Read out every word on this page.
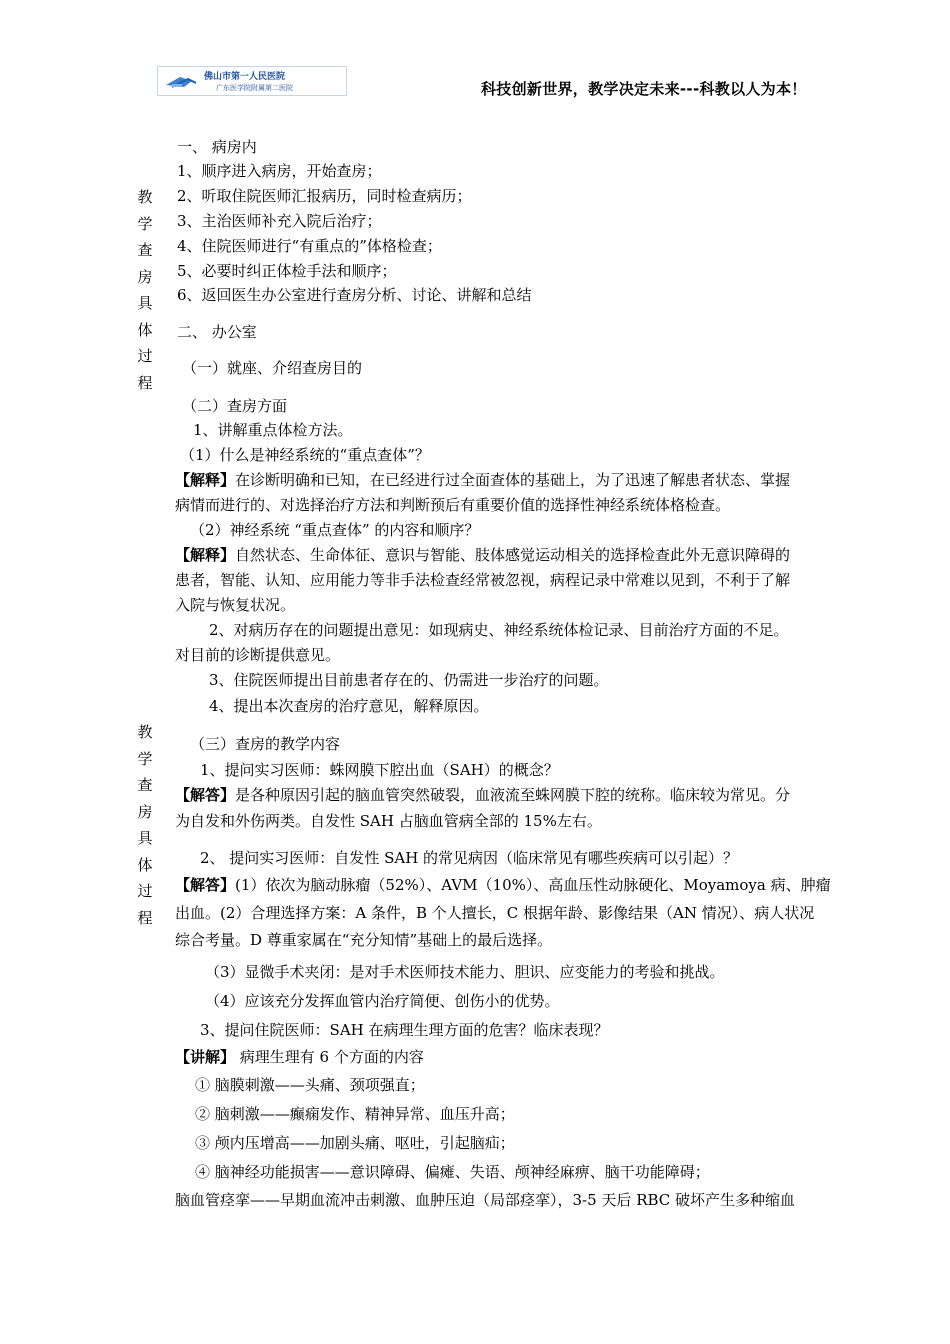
佛山市第一人民医院
广东医学院附属第二医院	科技创新世界，教学决定未来---科教以人为本！
教
学
查
房
具
体
过
程
教
学
查
房
具
体
过
程
一、 病房内
1、顺序进入病房，开始查房；
2、听取住院医师汇报病历，同时检查病历；
3、主治医师补充入院后治疗；
4、住院医师进行“有重点的”体格检查；
5、必要时纠正体检手法和顺序；
6、返回医生办公室进行查房分析、讨论、讲解和总结
二、 办公室
（一）就座、介绍查房目的
（二）查房方面
1、讲解重点体检方法。
（1）什么是神经系统的“重点查体”？
【解释】在诊断明确和已知，在已经进行过全面查体的基础上，为了迅速了解患者状态、掌握
病情而进行的、对选择治疗方法和判断预后有重要价值的选择性神经系统体格检查。
（2）神经系统 “重点查体” 的内容和顺序？
【解释】自然状态、生命体征、意识与智能、肢体感觉运动相关的选择检查此外无意识障碍的
患者，智能、认知、应用能力等非手法检查经常被忽视，病程记录中常难以见到，不利于了解
入院与恢复状况。
2、对病历存在的问题提出意见：如现病史、神经系统体检记录、目前治疗方面的不足。
对目前的诊断提供意见。
3、住院医师提出目前患者存在的、仍需进一步治疗的问题。
4、提出本次查房的治疗意见，解释原因。
（三）查房的教学内容
1、提问实习医师：蛛网膜下腔出血（SAH）的概念？
【解答】是各种原因引起的脑血管突然破裂，血液流至蛛网膜下腔的统称。临床较为常见。分
为自发和外伤两类。自发性 SAH 占脑血管病全部的 15%左右。
2、 提问实习医师：自发性 SAH 的常见病因（临床常见有哪些疾病可以引起）？
【解答】(1）依次为脑动脉瘤（52%）、AVM（10%）、高血压性动脉硬化、Moyamoya 病、肿瘤
出血。(2）合理选择方案：A 条件，B 个人擅长，C 根据年龄、影像结果（AN 情况）、病人状况
综合考量。D 尊重家属在“充分知情”基础上的最后选择。
（3）显微手术夹闭：是对手术医师技术能力、胆识、应变能力的考验和挑战。
（4）应该充分发挥血管内治疗简便、创伤小的优势。
3、提问住院医师：SAH 在病理生理方面的危害？临床表现？
【讲解】 病理生理有 6 个方面的内容
① 脑膜刺激——头痛、颈项强直；
② 脑刺激——癫痫发作、精神异常、血压升高；
③ 颅内压增高——加剧头痛、呕吐，引起脑疝；
④ 脑神经功能损害——意识障碍、偏瘫、失语、颅神经麻痹、脑干功能障碍；
脑血管痉挛——早期血流冲击刺激、血肿压迫（局部痉挛），3-5 天后 RBC 破坏产生多种缩血
